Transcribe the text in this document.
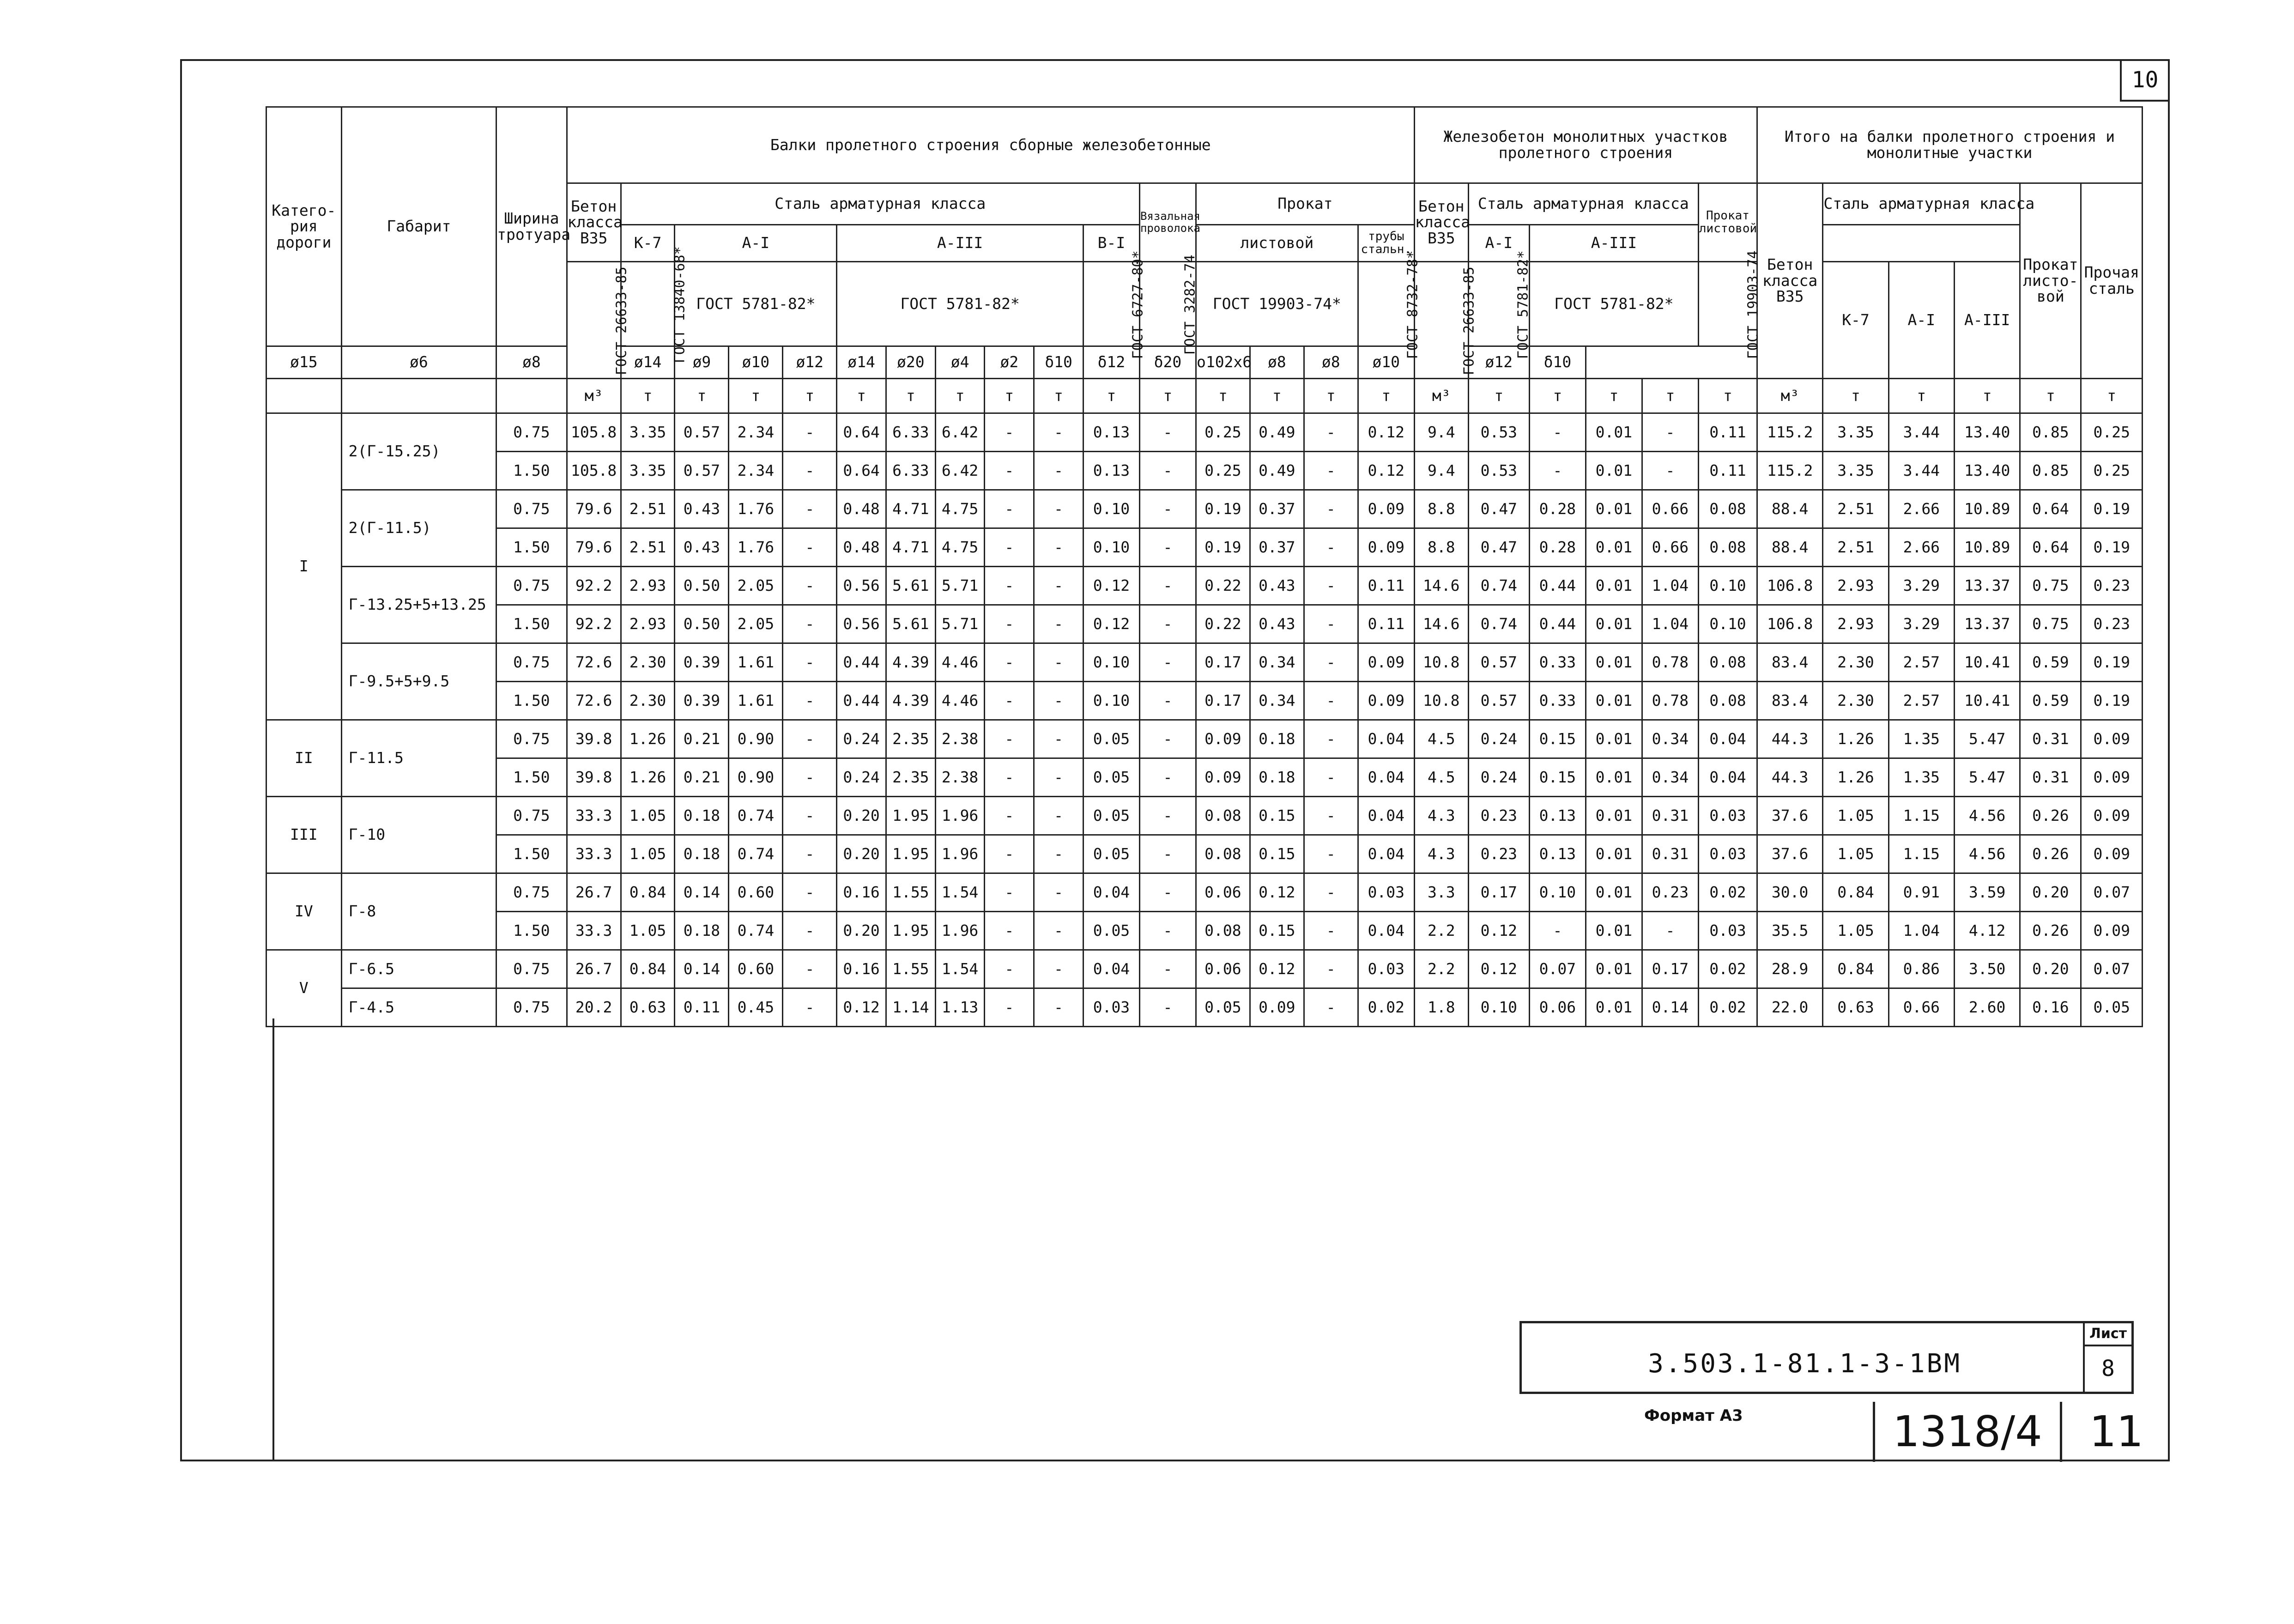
10
Катего-рия дороги	Габарит	Ширина тротуара	Балки пролетного строения сборные железобетонные																Железобетон монолитных участков пролетного строения						Итого на балки пролетного строения и монолитные участки					
			Бетон класса В35	Сталь арматурная класса										Вязальная проволока	Прокат				Бетон класса В35	Сталь арматурная класса				Прокат листовой	Бетон класса В35	Сталь арматурная класса			Прокат листо-вой	Прочая сталь
				К-7	А-I			А-III					В-I		листовой			трубы стальн.		А-I	А-III									
			ГОСТ 26633-85	ГОСТ 13840-68*	ГОСТ 5781-82*			ГОСТ 5781-82*					ГОСТ 6727-80*	ГОСТ 3282-74	ГОСТ 19903-74*			ГОСТ 8732-78*	ГОСТ 26633-85	ГОСТ 5781-82*	ГОСТ 5781-82*			ГОСТ 19903-74		К-7	А-I	А-III		
ø15	ø6	ø8		ø14	ø9	ø10	ø12	ø14	ø20	ø4	ø2	δ10	δ12	δ20	ο102x6	ø8	ø8	ø10		ø12	δ10									
			м³	т	т	т	т	т	т	т	т	т	т	т	т	т	т	т	м³	т	т	т	т	т	м³	т	т	т	т	т
I	2(Г-15.25)	0.75	105.8	3.35	0.57	2.34	-	0.64	6.33	6.42	-	-	0.13	-	0.25	0.49	-	0.12	9.4	0.53	-	0.01	-	0.11	115.2	3.35	3.44	13.40	0.85	0.25
		1.50	105.8	3.35	0.57	2.34	-	0.64	6.33	6.42	-	-	0.13	-	0.25	0.49	-	0.12	9.4	0.53	-	0.01	-	0.11	115.2	3.35	3.44	13.40	0.85	0.25
	2(Г-11.5)	0.75	79.6	2.51	0.43	1.76	-	0.48	4.71	4.75	-	-	0.10	-	0.19	0.37	-	0.09	8.8	0.47	0.28	0.01	0.66	0.08	88.4	2.51	2.66	10.89	0.64	0.19
		1.50	79.6	2.51	0.43	1.76	-	0.48	4.71	4.75	-	-	0.10	-	0.19	0.37	-	0.09	8.8	0.47	0.28	0.01	0.66	0.08	88.4	2.51	2.66	10.89	0.64	0.19
	Г-13.25+5+13.25	0.75	92.2	2.93	0.50	2.05	-	0.56	5.61	5.71	-	-	0.12	-	0.22	0.43	-	0.11	14.6	0.74	0.44	0.01	1.04	0.10	106.8	2.93	3.29	13.37	0.75	0.23
		1.50	92.2	2.93	0.50	2.05	-	0.56	5.61	5.71	-	-	0.12	-	0.22	0.43	-	0.11	14.6	0.74	0.44	0.01	1.04	0.10	106.8	2.93	3.29	13.37	0.75	0.23
	Г-9.5+5+9.5	0.75	72.6	2.30	0.39	1.61	-	0.44	4.39	4.46	-	-	0.10	-	0.17	0.34	-	0.09	10.8	0.57	0.33	0.01	0.78	0.08	83.4	2.30	2.57	10.41	0.59	0.19
		1.50	72.6	2.30	0.39	1.61	-	0.44	4.39	4.46	-	-	0.10	-	0.17	0.34	-	0.09	10.8	0.57	0.33	0.01	0.78	0.08	83.4	2.30	2.57	10.41	0.59	0.19
II	Г-11.5	0.75	39.8	1.26	0.21	0.90	-	0.24	2.35	2.38	-	-	0.05	-	0.09	0.18	-	0.04	4.5	0.24	0.15	0.01	0.34	0.04	44.3	1.26	1.35	5.47	0.31	0.09
		1.50	39.8	1.26	0.21	0.90	-	0.24	2.35	2.38	-	-	0.05	-	0.09	0.18	-	0.04	4.5	0.24	0.15	0.01	0.34	0.04	44.3	1.26	1.35	5.47	0.31	0.09
III	Г-10	0.75	33.3	1.05	0.18	0.74	-	0.20	1.95	1.96	-	-	0.05	-	0.08	0.15	-	0.04	4.3	0.23	0.13	0.01	0.31	0.03	37.6	1.05	1.15	4.56	0.26	0.09
		1.50	33.3	1.05	0.18	0.74	-	0.20	1.95	1.96	-	-	0.05	-	0.08	0.15	-	0.04	4.3	0.23	0.13	0.01	0.31	0.03	37.6	1.05	1.15	4.56	0.26	0.09
IV	Г-8	0.75	26.7	0.84	0.14	0.60	-	0.16	1.55	1.54	-	-	0.04	-	0.06	0.12	-	0.03	3.3	0.17	0.10	0.01	0.23	0.02	30.0	0.84	0.91	3.59	0.20	0.07
		1.50	33.3	1.05	0.18	0.74	-	0.20	1.95	1.96	-	-	0.05	-	0.08	0.15	-	0.04	2.2	0.12	-	0.01	-	0.03	35.5	1.05	1.04	4.12	0.26	0.09
V	Г-6.5	0.75	26.7	0.84	0.14	0.60	-	0.16	1.55	1.54	-	-	0.04	-	0.06	0.12	-	0.03	2.2	0.12	0.07	0.01	0.17	0.02	28.9	0.84	0.86	3.50	0.20	0.07
	Г-4.5	0.75	20.2	0.63	0.11	0.45	-	0.12	1.14	1.13	-	-	0.03	-	0.05	0.09	-	0.02	1.8	0.10	0.06	0.01	0.14	0.02	22.0	0.63	0.66	2.60	0.16	0.05
3.503.1-81.1-3-1ВМ
Лист
8
Формат А3	1318/4	11
